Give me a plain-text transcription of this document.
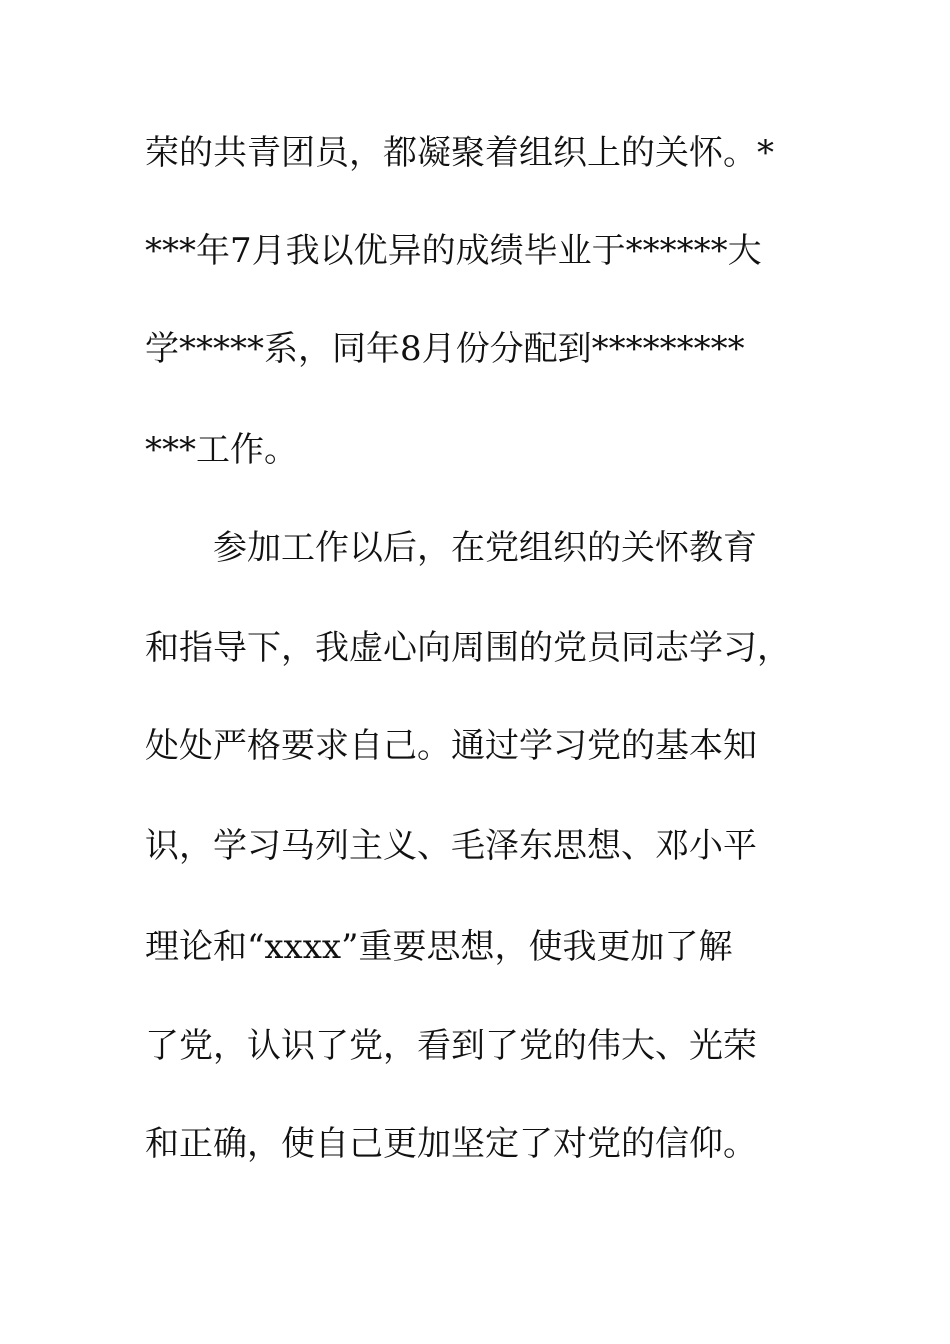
荣的共青团员，都凝聚着组织上的关怀。*
***年7月我以优异的成绩毕业于******大
学*****系，同年8月份分配到*********
***工作。
参加工作以后，在党组织的关怀教育
和指导下，我虚心向周围的党员同志学习，
处处严格要求自己。通过学习党的基本知
识，学习马列主义、毛泽东思想、邓小平
理论和“xxxx”重要思想，使我更加了解
了党，认识了党，看到了党的伟大、光荣
和正确，使自己更加坚定了对党的信仰。
